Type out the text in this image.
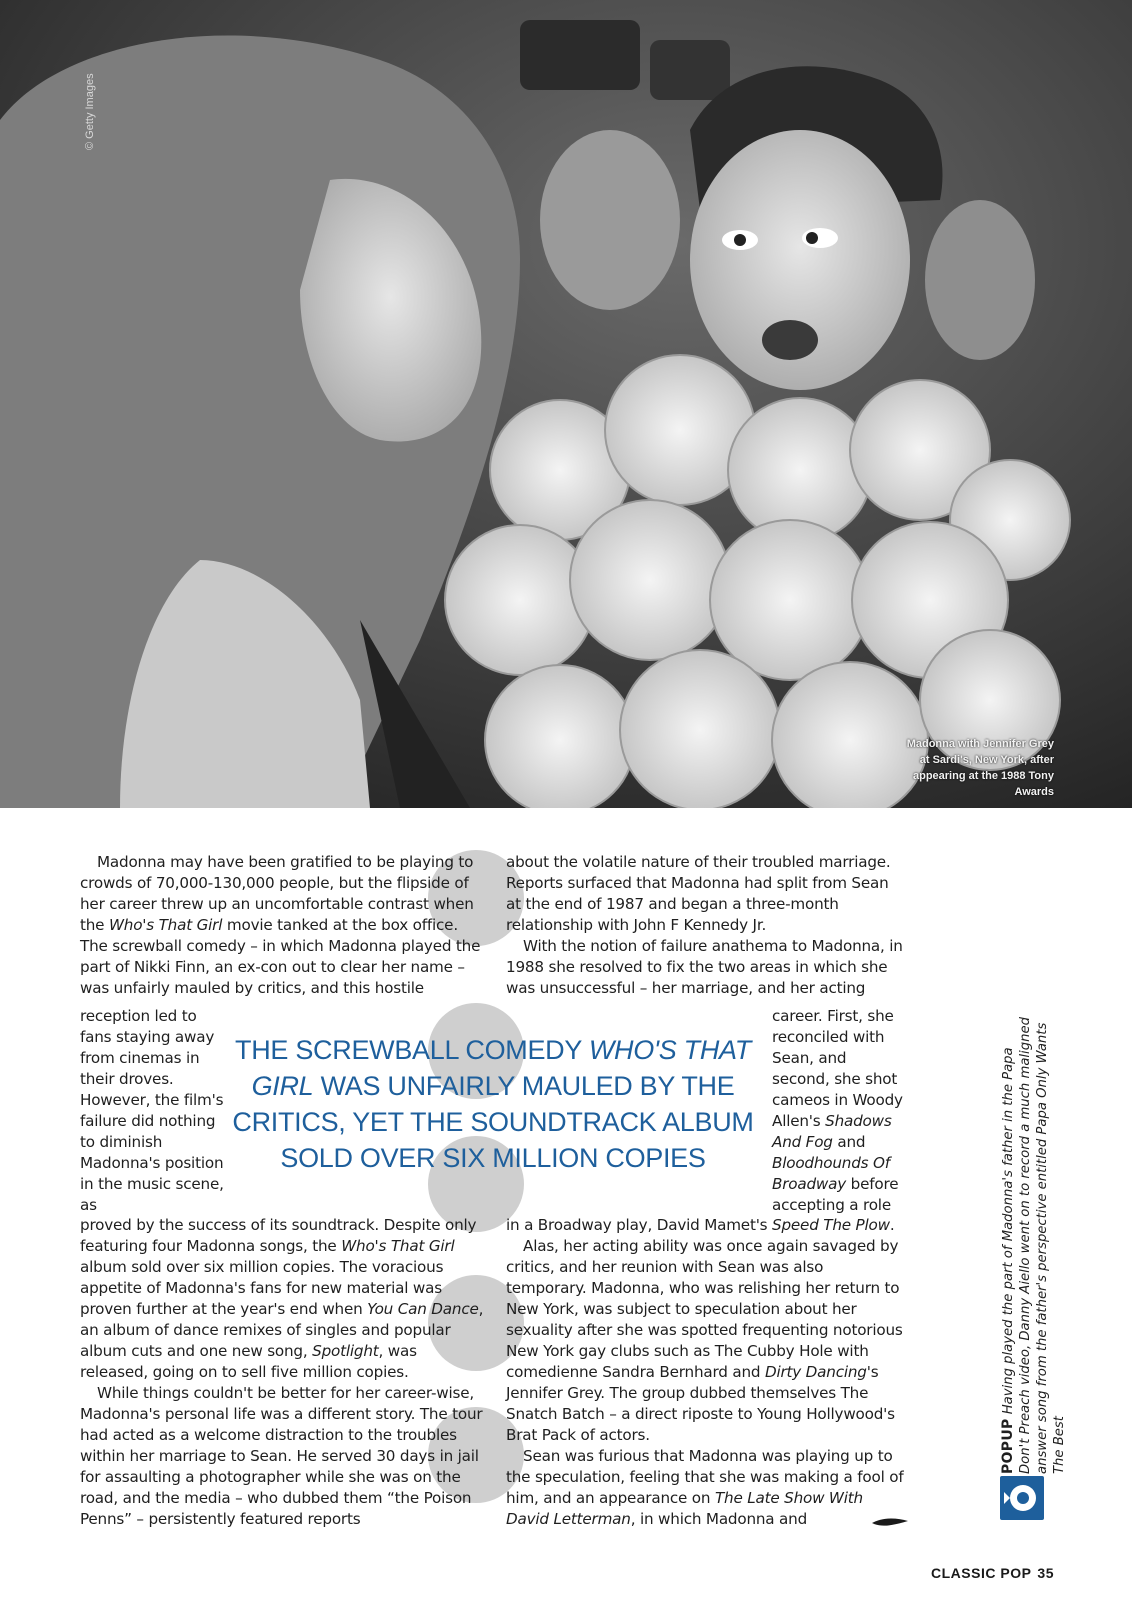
© Getty Images
Madonna with Jennifer Grey at Sardi's, New York, after appearing at the 1988 Tony Awards

Madonna may have been gratified to be playing to crowds of 70,000-130,000 people, but the flipside of her career threw up an uncomfortable contrast when the Who's That Girl movie tanked at the box office. The screwball comedy – in which Madonna played the part of Nikki Finn, an ex-con out to clear her name – was unfairly mauled by critics, and this hostile

reception led to fans staying away from cinemas in their droves. However, the film's failure did nothing to diminish Madonna's position in the music scene, as

proved by the success of its soundtrack. Despite only featuring four Madonna songs, the Who's That Girl album sold over six million copies. The voracious appetite of Madonna's fans for new material was proven further at the year's end when You Can Dance, an album of dance remixes of singles and popular album cuts and one new song, Spotlight, was released, going on to sell five million copies.

While things couldn't be better for her career-wise, Madonna's personal life was a different story. The tour had acted as a welcome distraction to the troubles within her marriage to Sean. He served 30 days in jail for assaulting a photographer while she was on the road, and the media – who dubbed them “the Poison Penns” – persistently featured reports

THE SCREWBALL COMEDY WHO'S THAT GIRL WAS UNFAIRLY MAULED BY THE CRITICS, YET THE SOUNDTRACK ALBUM SOLD OVER SIX MILLION COPIES

about the volatile nature of their troubled marriage. Reports surfaced that Madonna had split from Sean at the end of 1987 and began a three-month relationship with John F Kennedy Jr.

With the notion of failure anathema to Madonna, in 1988 she resolved to fix the two areas in which she was unsuccessful – her marriage, and her acting

career. First, she reconciled with Sean, and second, she shot cameos in Woody Allen's Shadows And Fog and Bloodhounds Of Broadway before accepting a role

in a Broadway play, David Mamet's Speed The Plow.

Alas, her acting ability was once again savaged by critics, and her reunion with Sean was also temporary. Madonna, who was relishing her return to New York, was subject to speculation about her sexuality after she was spotted frequenting notorious New York gay clubs such as The Cubby Hole with comedienne Sandra Bernhard and Dirty Dancing's Jennifer Grey. The group dubbed themselves The Snatch Batch – a direct riposte to Young Hollywood's Brat Pack of actors.

Sean was furious that Madonna was playing up to the speculation, feeling that she was making a fool of him, and an appearance on The Late Show With David Letterman, in which Madonna and

POPUP Having played the part of Madonna's father in the Papa Don't Preach video, Danny Aiello went on to record a much maligned answer song from the father's perspective entitled Papa Only Wants The Best
CLASSIC POP 35
